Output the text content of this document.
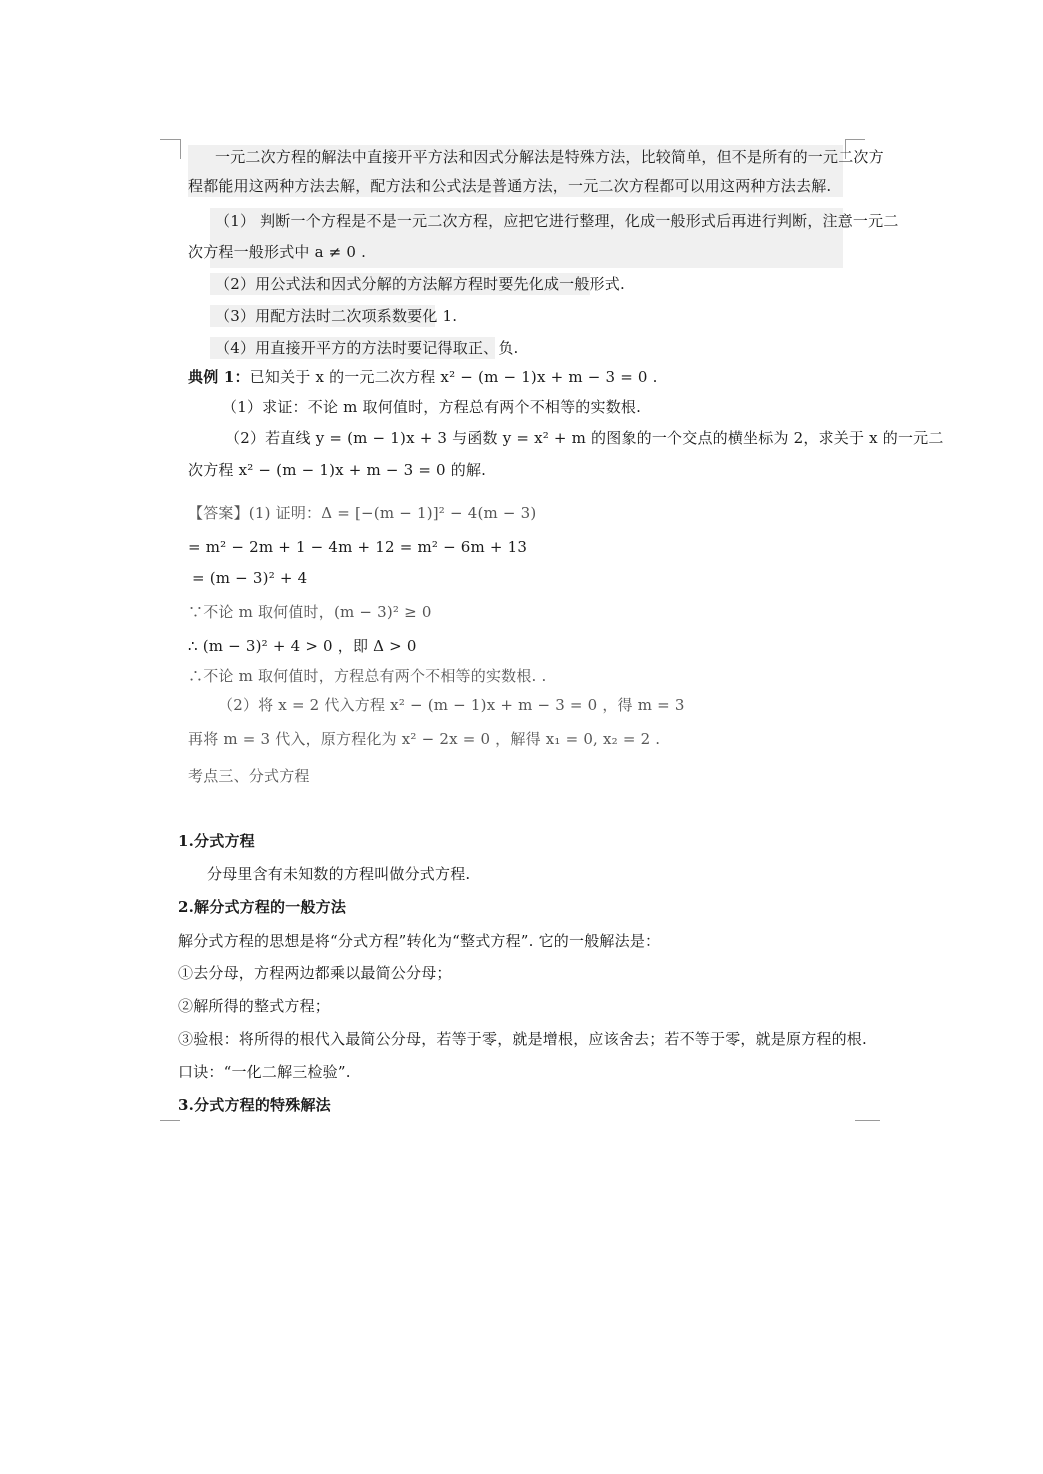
一元二次方程的解法中直接开平方法和因式分解法是特殊方法，比较简单，但不是所有的一元二次方
程都能用这两种方法去解，配方法和公式法是普通方法，一元二次方程都可以用这两种方法去解.
（1） 判断一个方程是不是一元二次方程，应把它进行整理，化成一般形式后再进行判断，注意一元二
次方程一般形式中 a ≠ 0 .
（2）用公式法和因式分解的方法解方程时要先化成一般形式.
（3）用配方法时二次项系数要化 1.
（4）用直接开平方的方法时要记得取正、负.
典例 1：已知关于 x 的一元二次方程 x² − (m − 1)x + m − 3 = 0 .
（1）求证：不论 m 取何值时，方程总有两个不相等的实数根.
（2）若直线 y = (m − 1)x + 3 与函数 y = x² + m 的图象的一个交点的横坐标为 2，求关于 x 的一元二
次方程 x² − (m − 1)x + m − 3 = 0 的解.
【答案】(1) 证明：Δ = [−(m − 1)]² − 4(m − 3)
= m² − 2m + 1 − 4m + 12 = m² − 6m + 13
= (m − 3)² + 4
∵不论 m 取何值时，(m − 3)² ≥ 0
∴ (m − 3)² + 4 > 0 ，即 Δ > 0
∴不论 m 取何值时，方程总有两个不相等的实数根. .
（2）将 x = 2 代入方程 x² − (m − 1)x + m − 3 = 0 ，得 m = 3
再将 m = 3 代入，原方程化为 x² − 2x = 0 ，解得 x₁ = 0, x₂ = 2 .
考点三、分式方程
1.分式方程
分母里含有未知数的方程叫做分式方程.
2.解分式方程的一般方法
解分式方程的思想是将“分式方程”转化为“整式方程”. 它的一般解法是：
①去分母，方程两边都乘以最简公分母；
②解所得的整式方程；
③验根：将所得的根代入最简公分母，若等于零，就是增根，应该舍去；若不等于零，就是原方程的根.
口诀：“一化二解三检验”.
3.分式方程的特殊解法
